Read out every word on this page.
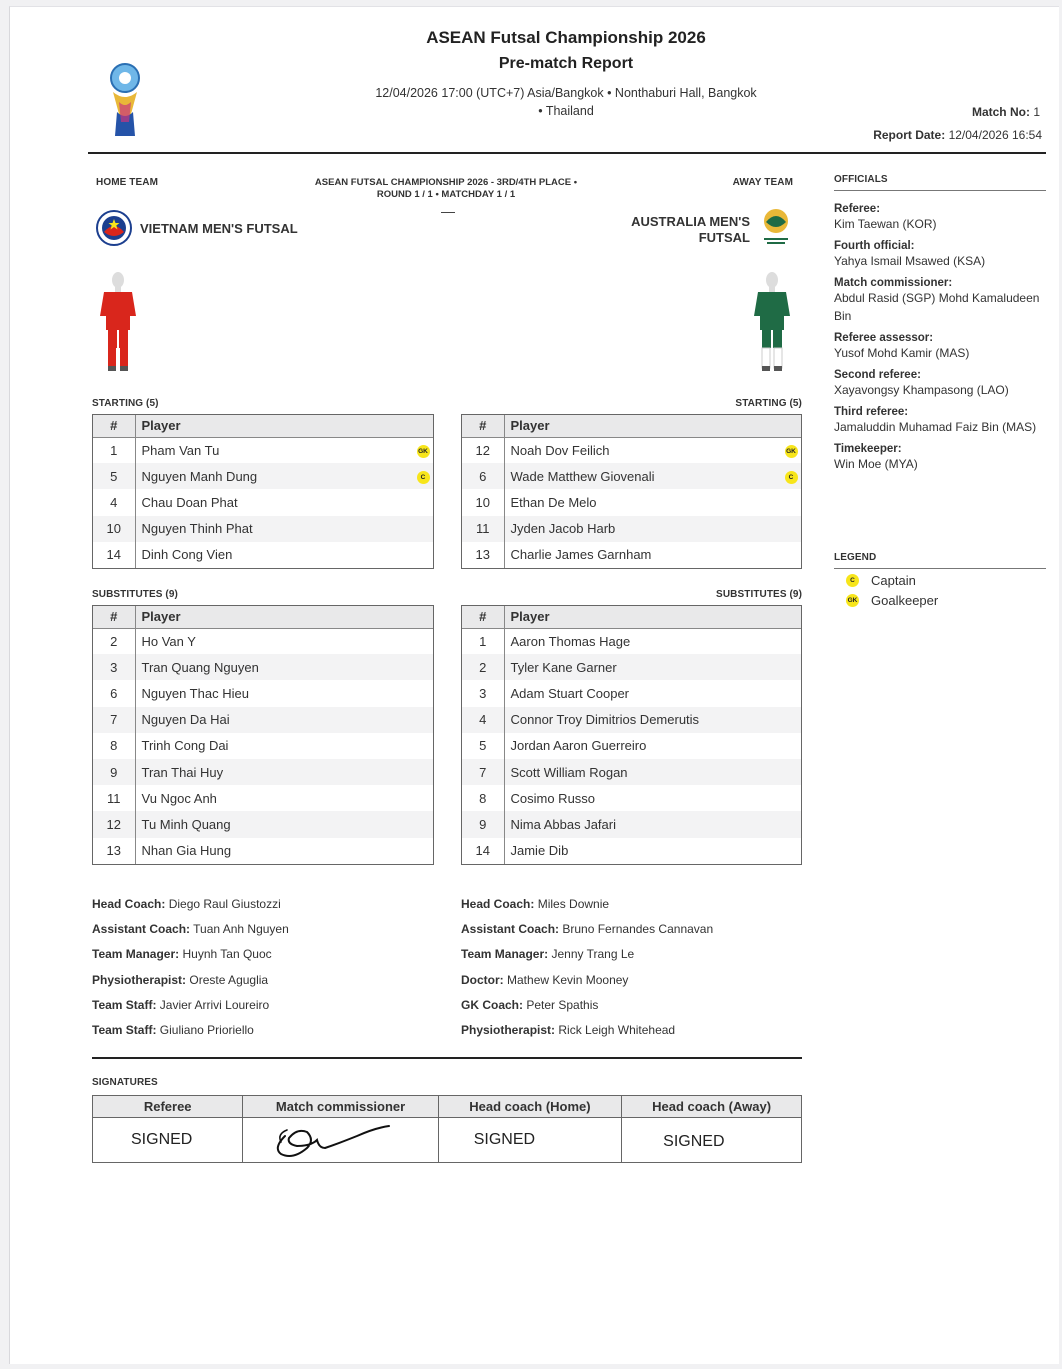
ASEAN Futsal Championship 2026
Pre-match Report
12/04/2026 17:00 (UTC+7) Asia/Bangkok • Nonthaburi Hall, Bangkok
• Thailand	Match No: 1
Report Date: 12/04/2026 16:54
HOME TEAM	AWAY TEAM
ASEAN FUTSAL CHAMPIONSHIP 2026 - 3RD/4TH PLACE •
ROUND 1 / 1 • MATCHDAY 1 / 1
VIETNAM MEN'S FUTSAL	AUSTRALIA MEN'S
FUTSAL
STARTING (5)	STARTING (5)
#	Player	
1	Pham Van Tu	GK
5	Nguyen Manh Dung	C
4	Chau Doan Phat	
10	Nguyen Thinh Phat	
14	Dinh Cong Vien	
#	Player	
12	Noah Dov Feilich	GK
6	Wade Matthew Giovenali	C
10	Ethan De Melo	
11	Jyden Jacob Harb	
13	Charlie James Garnham	
SUBSTITUTES (9)	SUBSTITUTES (9)
#	Player
2	Ho Van Y
3	Tran Quang Nguyen
6	Nguyen Thac Hieu
7	Nguyen Da Hai
8	Trinh Cong Dai
9	Tran Thai Huy
11	Vu Ngoc Anh
12	Tu Minh Quang
13	Nhan Gia Hung
#	Player
1	Aaron Thomas Hage
2	Tyler Kane Garner
3	Adam Stuart Cooper
4	Connor Troy Dimitrios Demerutis
5	Jordan Aaron Guerreiro
7	Scott William Rogan
8	Cosimo Russo
9	Nima Abbas Jafari
14	Jamie Dib
Head Coach: Diego Raul Giustozzi
Assistant Coach: Tuan Anh Nguyen
Team Manager: Huynh Tan Quoc
Physiotherapist: Oreste Aguglia
Team Staff: Javier Arrivi Loureiro
Team Staff: Giuliano Prioriello
Head Coach: Miles Downie
Assistant Coach: Bruno Fernandes Cannavan
Team Manager: Jenny Trang Le
Doctor: Mathew Kevin Mooney
GK Coach: Peter Spathis
Physiotherapist: Rick Leigh Whitehead
SIGNATURES
Referee	Match commissioner	Head coach (Home)	Head coach (Away)
SIGNED		SIGNED	SIGNED
OFFICIALS
Referee:
Kim Taewan (KOR)
Fourth official:
Yahya Ismail Msawed (KSA)
Match commissioner:
Abdul Rasid (SGP) Mohd Kamaludeen Bin
Referee assessor:
Yusof Mohd Kamir (MAS)
Second referee:
Xayavongsy Khampasong (LAO)
Third referee:
Jamaluddin Muhamad Faiz Bin (MAS)
Timekeeper:
Win Moe (MYA)
LEGEND
C	Captain
GK Goalkeeper
